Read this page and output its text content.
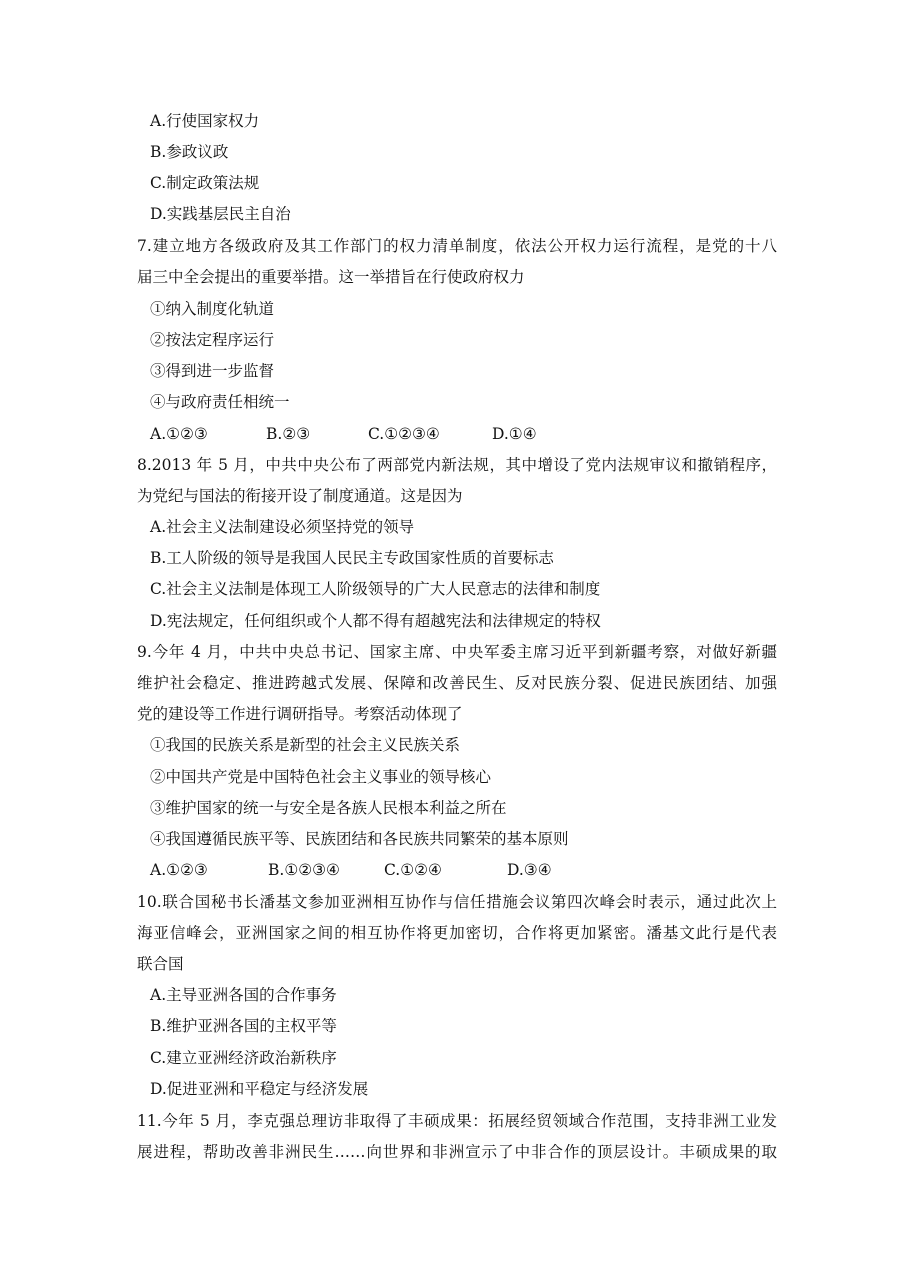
A.行使国家权力
B.参政议政
C.制定政策法规
D.实践基层民主自治
7.建立地方各级政府及其工作部门的权力清单制度，依法公开权力运行流程，是党的十八
届三中全会提出的重要举措。这一举措旨在行使政府权力
①纳入制度化轨道
②按法定程序运行
③得到进一步监督
④与政府责任相统一
A.①②③	B.②③	C.①②③④	D.①④
8.2013 年 5 月，中共中央公布了两部党内新法规，其中增设了党内法规审议和撤销程序，
为党纪与国法的衔接开设了制度通道。这是因为
A.社会主义法制建设必须坚持党的领导
B.工人阶级的领导是我国人民民主专政国家性质的首要标志
C.社会主义法制是体现工人阶级领导的广大人民意志的法律和制度
D.宪法规定，任何组织或个人都不得有超越宪法和法律规定的特权
9.今年 4 月，中共中央总书记、国家主席、中央军委主席习近平到新疆考察，对做好新疆
维护社会稳定、推进跨越式发展、保障和改善民生、反对民族分裂、促进民族团结、加强
党的建设等工作进行调研指导。考察活动体现了
①我国的民族关系是新型的社会主义民族关系
②中国共产党是中国特色社会主义事业的领导核心
③维护国家的统一与安全是各族人民根本利益之所在
④我国遵循民族平等、民族团结和各民族共同繁荣的基本原则
A.①②③	B.①②③④	C.①②④	D.③④
10.联合国秘书长潘基文参加亚洲相互协作与信任措施会议第四次峰会时表示，通过此次上
海亚信峰会，亚洲国家之间的相互协作将更加密切，合作将更加紧密。潘基文此行是代表
联合国
A.主导亚洲各国的合作事务
B.维护亚洲各国的主权平等
C.建立亚洲经济政治新秩序
D.促进亚洲和平稳定与经济发展
11.今年 5 月，李克强总理访非取得了丰硕成果：拓展经贸领域合作范围，支持非洲工业发
展进程，帮助改善非洲民生……向世界和非洲宣示了中非合作的顶层设计。丰硕成果的取
